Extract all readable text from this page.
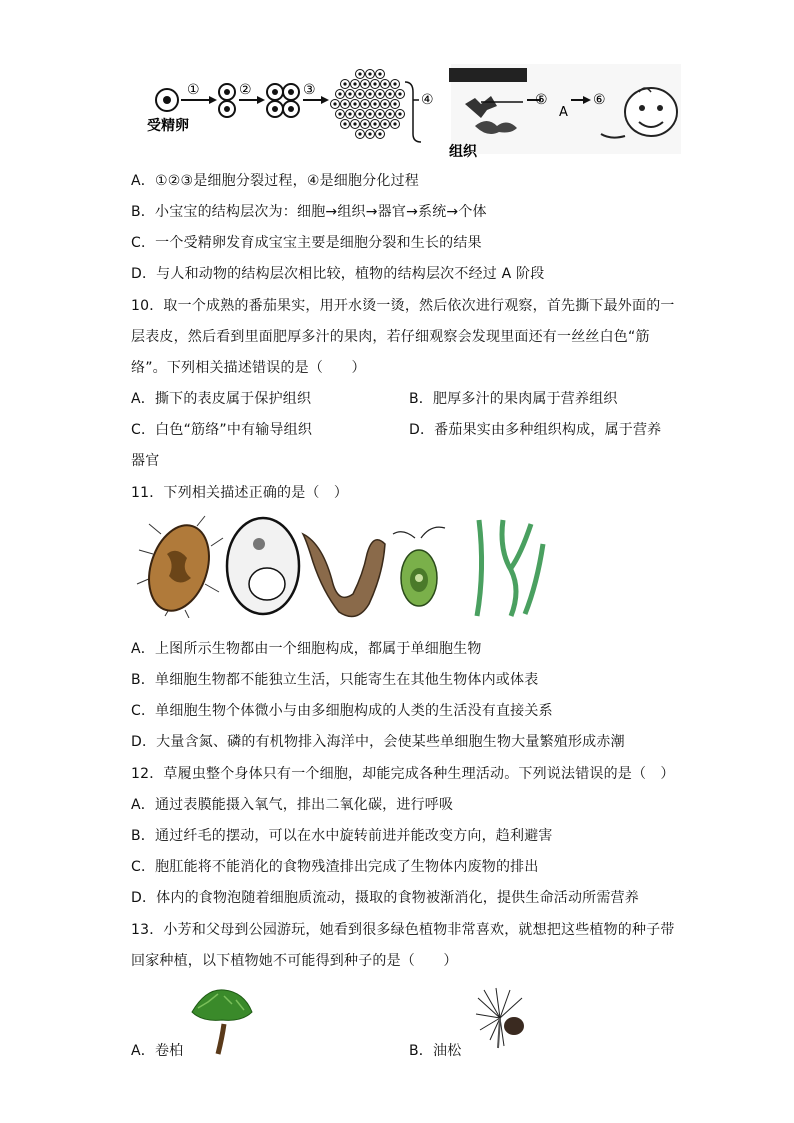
受精卵
①	②	③
④
组织
⑤
A
⑥
A．①②③是细胞分裂过程，④是细胞分化过程
B．小宝宝的结构层次为：细胞→组织→器官→系统→个体
C．一个受精卵发育成宝宝主要是细胞分裂和生长的结果
D．与人和动物的结构层次相比较，植物的结构层次不经过 A 阶段
10．取一个成熟的番茄果实，用开水烫一烫，然后依次进行观察，首先撕下最外面的一
层表皮，然后看到里面肥厚多汁的果肉，若仔细观察会发现里面还有一丝丝白色“筋
络”。下列相关描述错误的是（　　）
A．撕下的表皮属于保护组织	B．肥厚多汁的果肉属于营养组织
C．白色“筋络”中有输导组织	D．番茄果实由多种组织构成，属于营养
器官
11．下列相关描述正确的是（　）
A．上图所示生物都由一个细胞构成，都属于单细胞生物
B．单细胞生物都不能独立生活，只能寄生在其他生物体内或体表
C．单细胞生物个体微小与由多细胞构成的人类的生活没有直接关系
D．大量含氮、磷的有机物排入海洋中，会使某些单细胞生物大量繁殖形成赤潮
12．草履虫整个身体只有一个细胞，却能完成各种生理活动。下列说法错误的是（　）
A．通过表膜能摄入氧气，排出二氧化碳，进行呼吸
B．通过纤毛的摆动，可以在水中旋转前进并能改变方向，趋利避害
C．胞肛能将不能消化的食物残渣排出完成了生物体内废物的排出
D．体内的食物泡随着细胞质流动，摄取的食物被渐消化，提供生命活动所需营养
13．小芳和父母到公园游玩，她看到很多绿色植物非常喜欢，就想把这些植物的种子带
回家种植，以下植物她不可能得到种子的是（　　）
A．卷柏	B．油松
